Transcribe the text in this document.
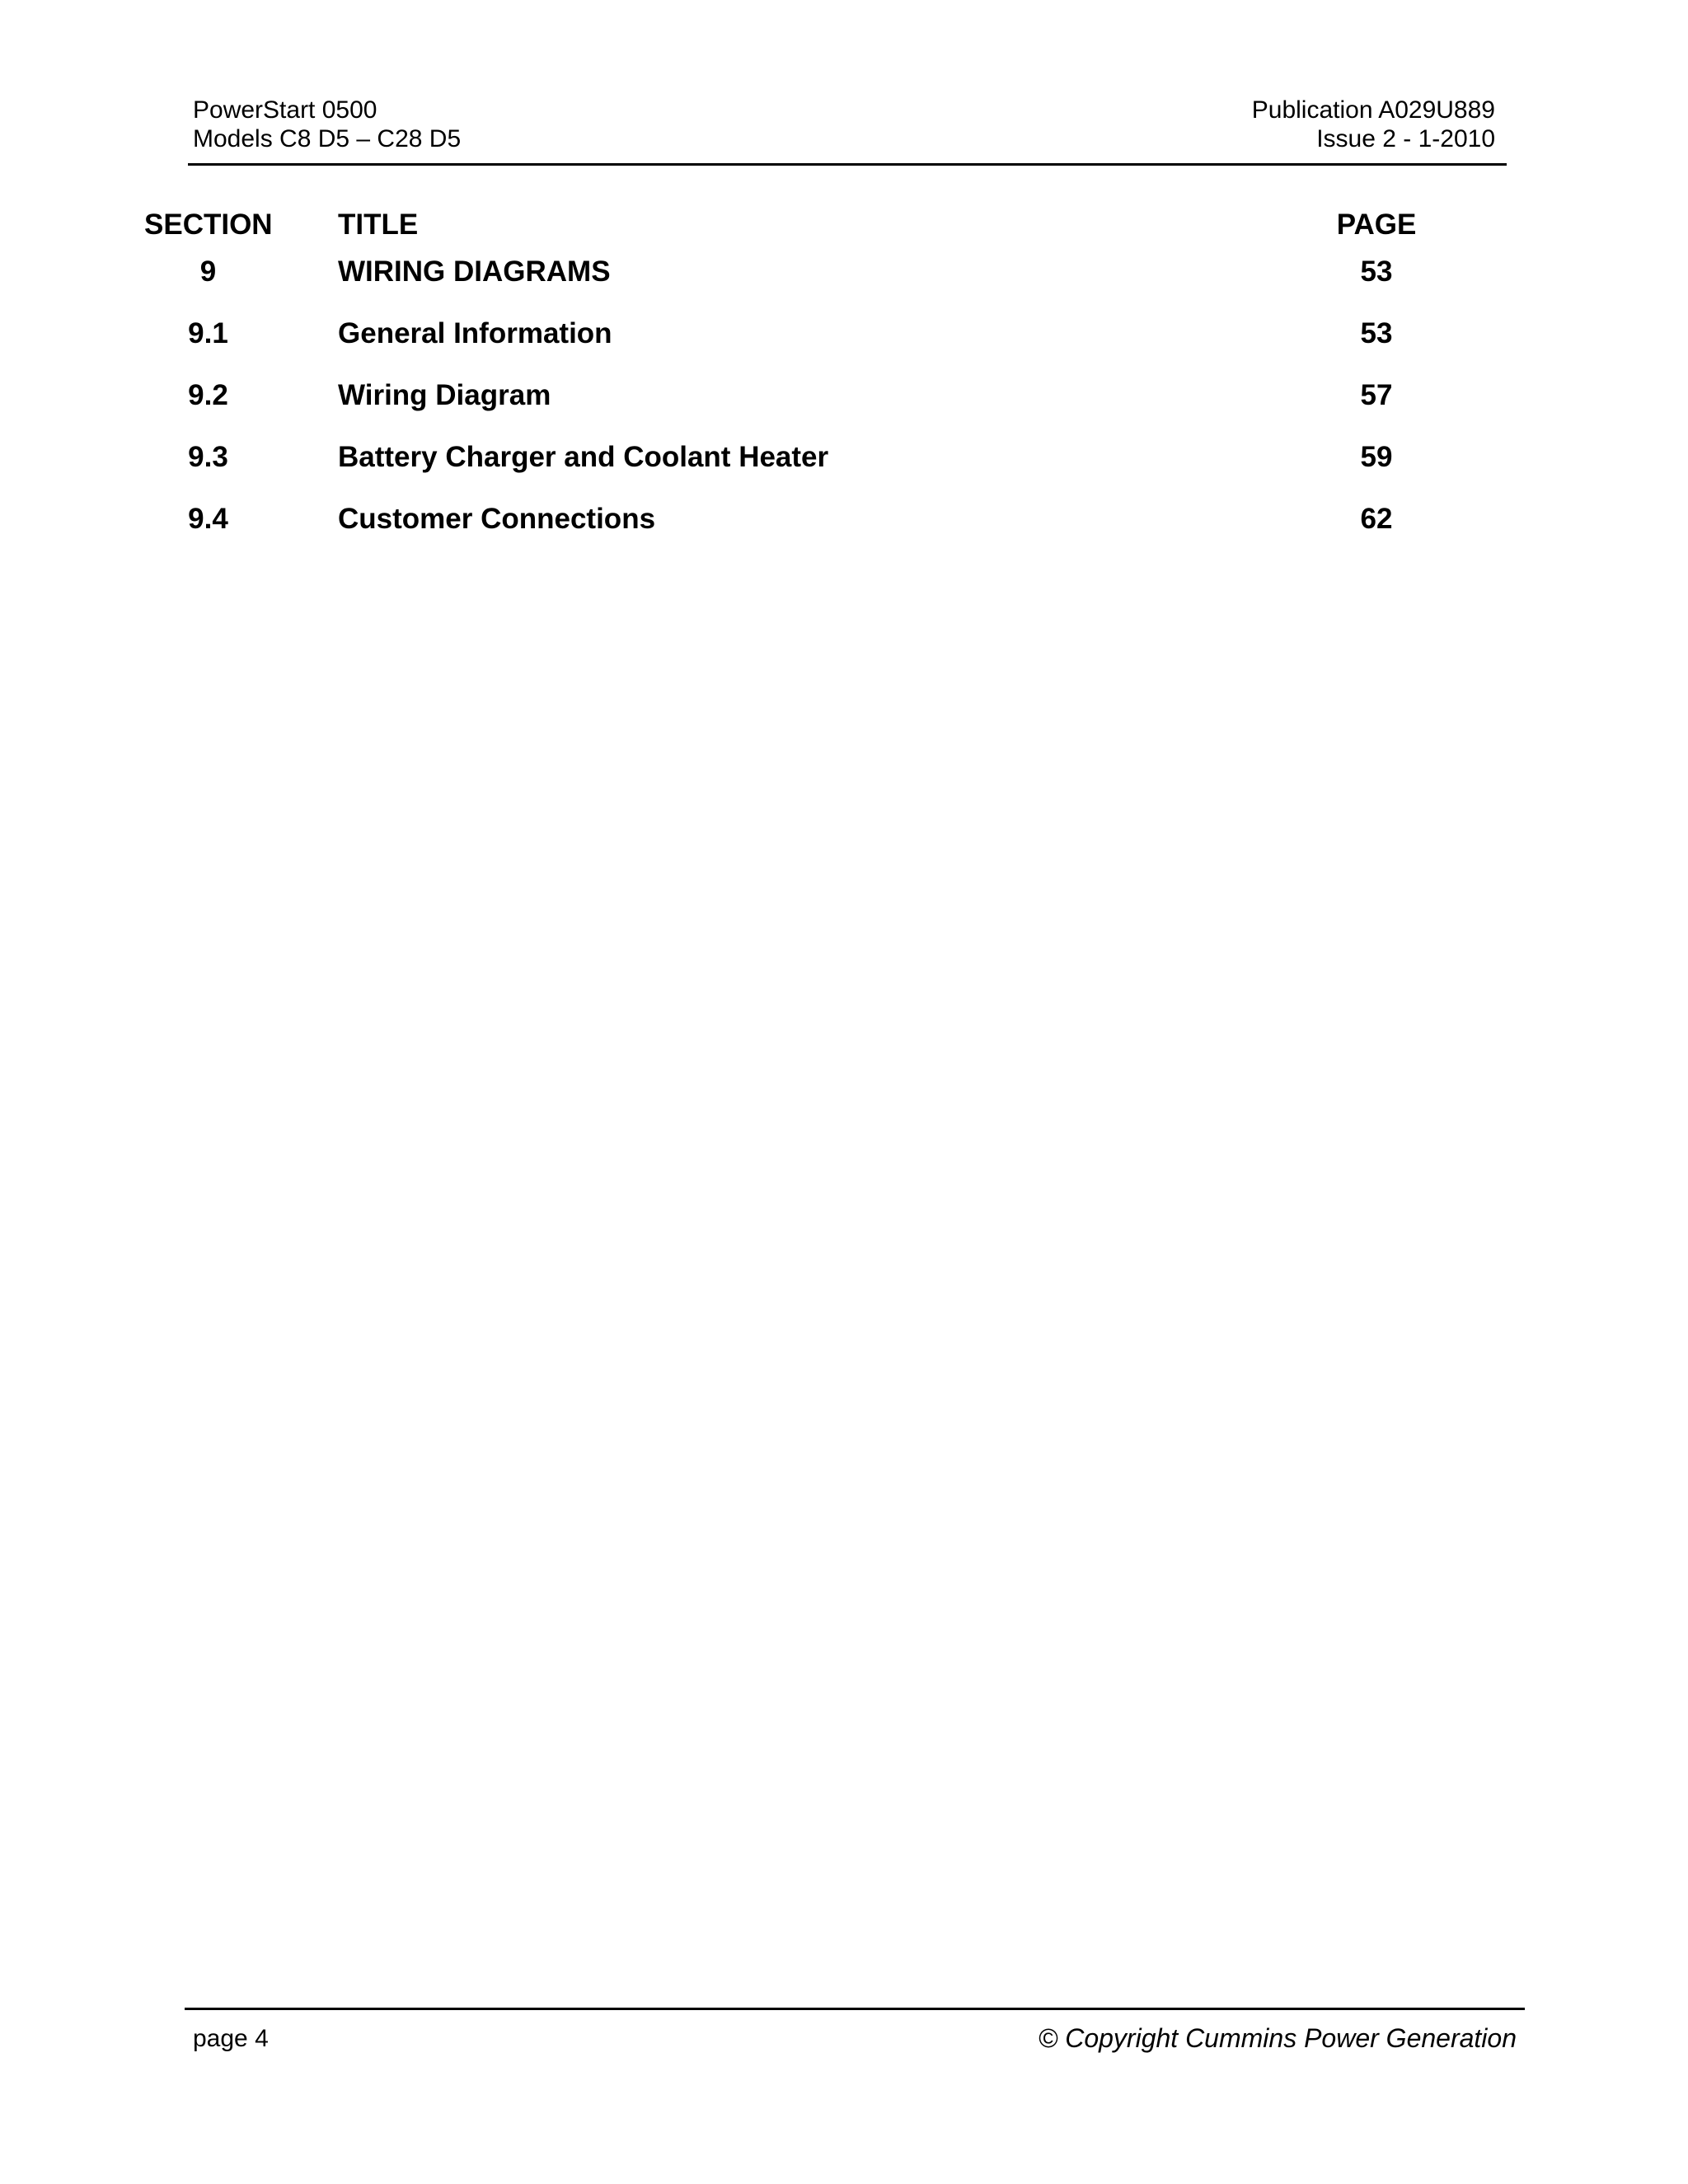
PowerStart 0500
Models C8 D5 – C28 D5
Publication A029U889
Issue 2 - 1-2010
SECTION TITLE	PAGE
9	WIRING DIAGRAMS	53
9.1	General Information	53
9.2	Wiring Diagram	57
9.3	Battery Charger and Coolant Heater	59
9.4	Customer Connections	62
page 4	© Copyright Cummins Power Generation
